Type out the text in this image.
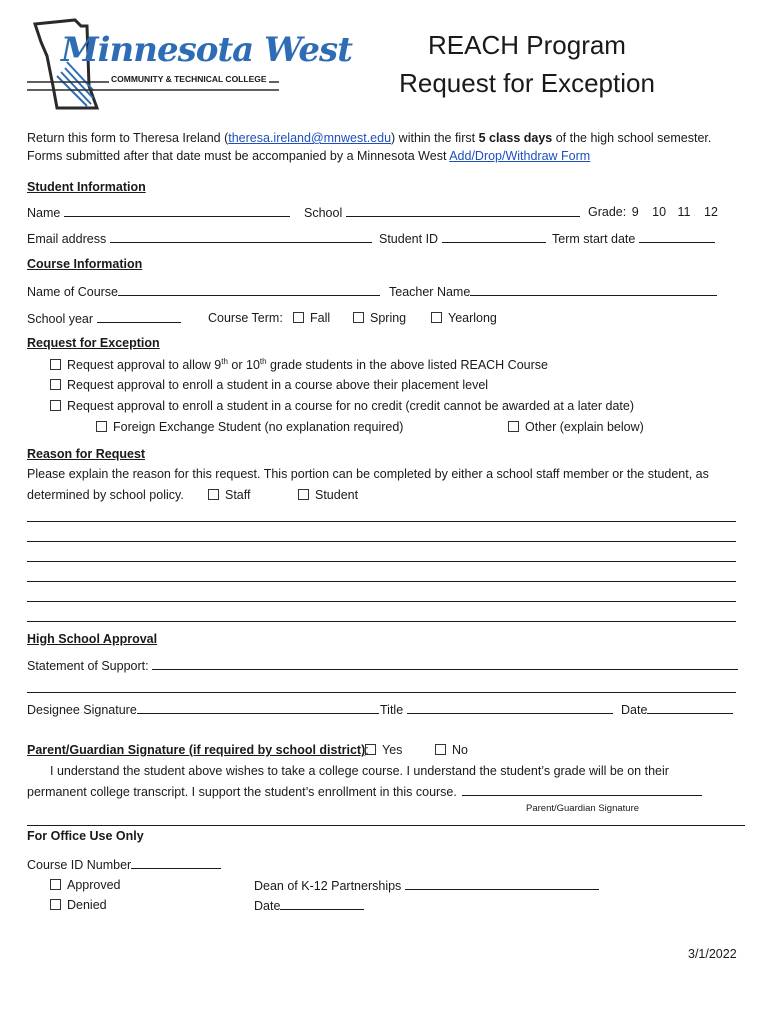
Minnesota West
COMMUNITY & TECHNICAL COLLEGE
REACH Program
Request for Exception
Return this form to Theresa Ireland (theresa.ireland@mnwest.edu) within the first 5 class days of the high school semester.
Forms submitted after that date must be accompanied by a Minnesota West Add/Drop/Withdraw Form
Student Information
Name	School	Grade: 9 10 11 12
Email address	Student ID	Term start date
Course Information
Name of Course	Teacher Name
School year	Course Term:	Fall	Spring	Yearlong
Request for Exception
Request approval to allow 9th or 10th grade students in the above listed REACH Course
Request approval to enroll a student in a course above their placement level
Request approval to enroll a student in a course for no credit (credit cannot be awarded at a later date)
Foreign Exchange Student (no explanation required)	Other (explain below)
Reason for Request
Please explain the reason for this request. This portion can be completed by either a school staff member or the student, as
determined by school policy.	Staff	Student
High School Approval
Statement of Support:
Designee Signature	Title	Date
Parent/Guardian Signature (if required by school district):	Yes	No
I understand the student above wishes to take a college course. I understand the student’s grade will be on their
permanent college transcript. I support the student’s enrollment in this course.
Parent/Guardian Signature
For Office Use Only
Course ID Number
Approved
Denied
Dean of K-12 Partnerships
Date
3/1/2022
